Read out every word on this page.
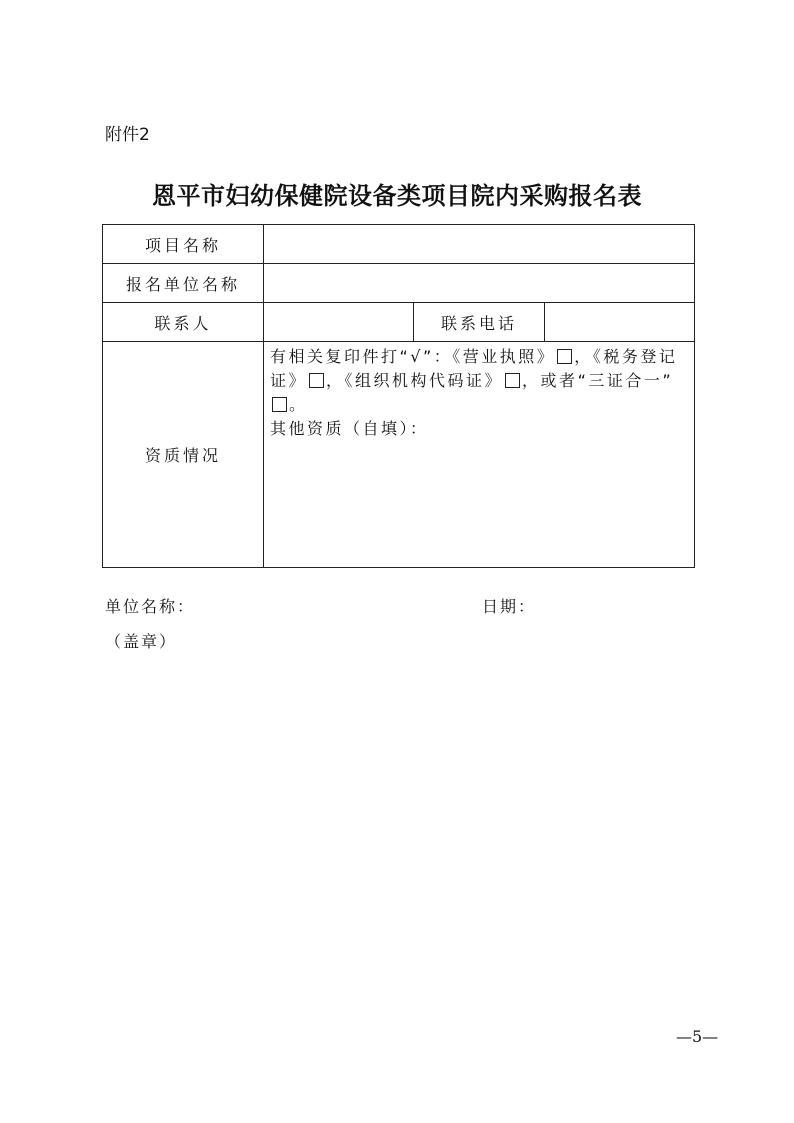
附件2
恩平市妇幼保健院设备类项目院内采购报名表
项目名称			
报名单位名称			
联系人		联系电话	
资质情况	有相关复印件打“√”：《营业执照》 ，《税务登记证》 ，《组织机构代码证》 ，或者“三证合一”。
其他资质（自填）：		
单位名称：	日期：
（盖章）
—5—
